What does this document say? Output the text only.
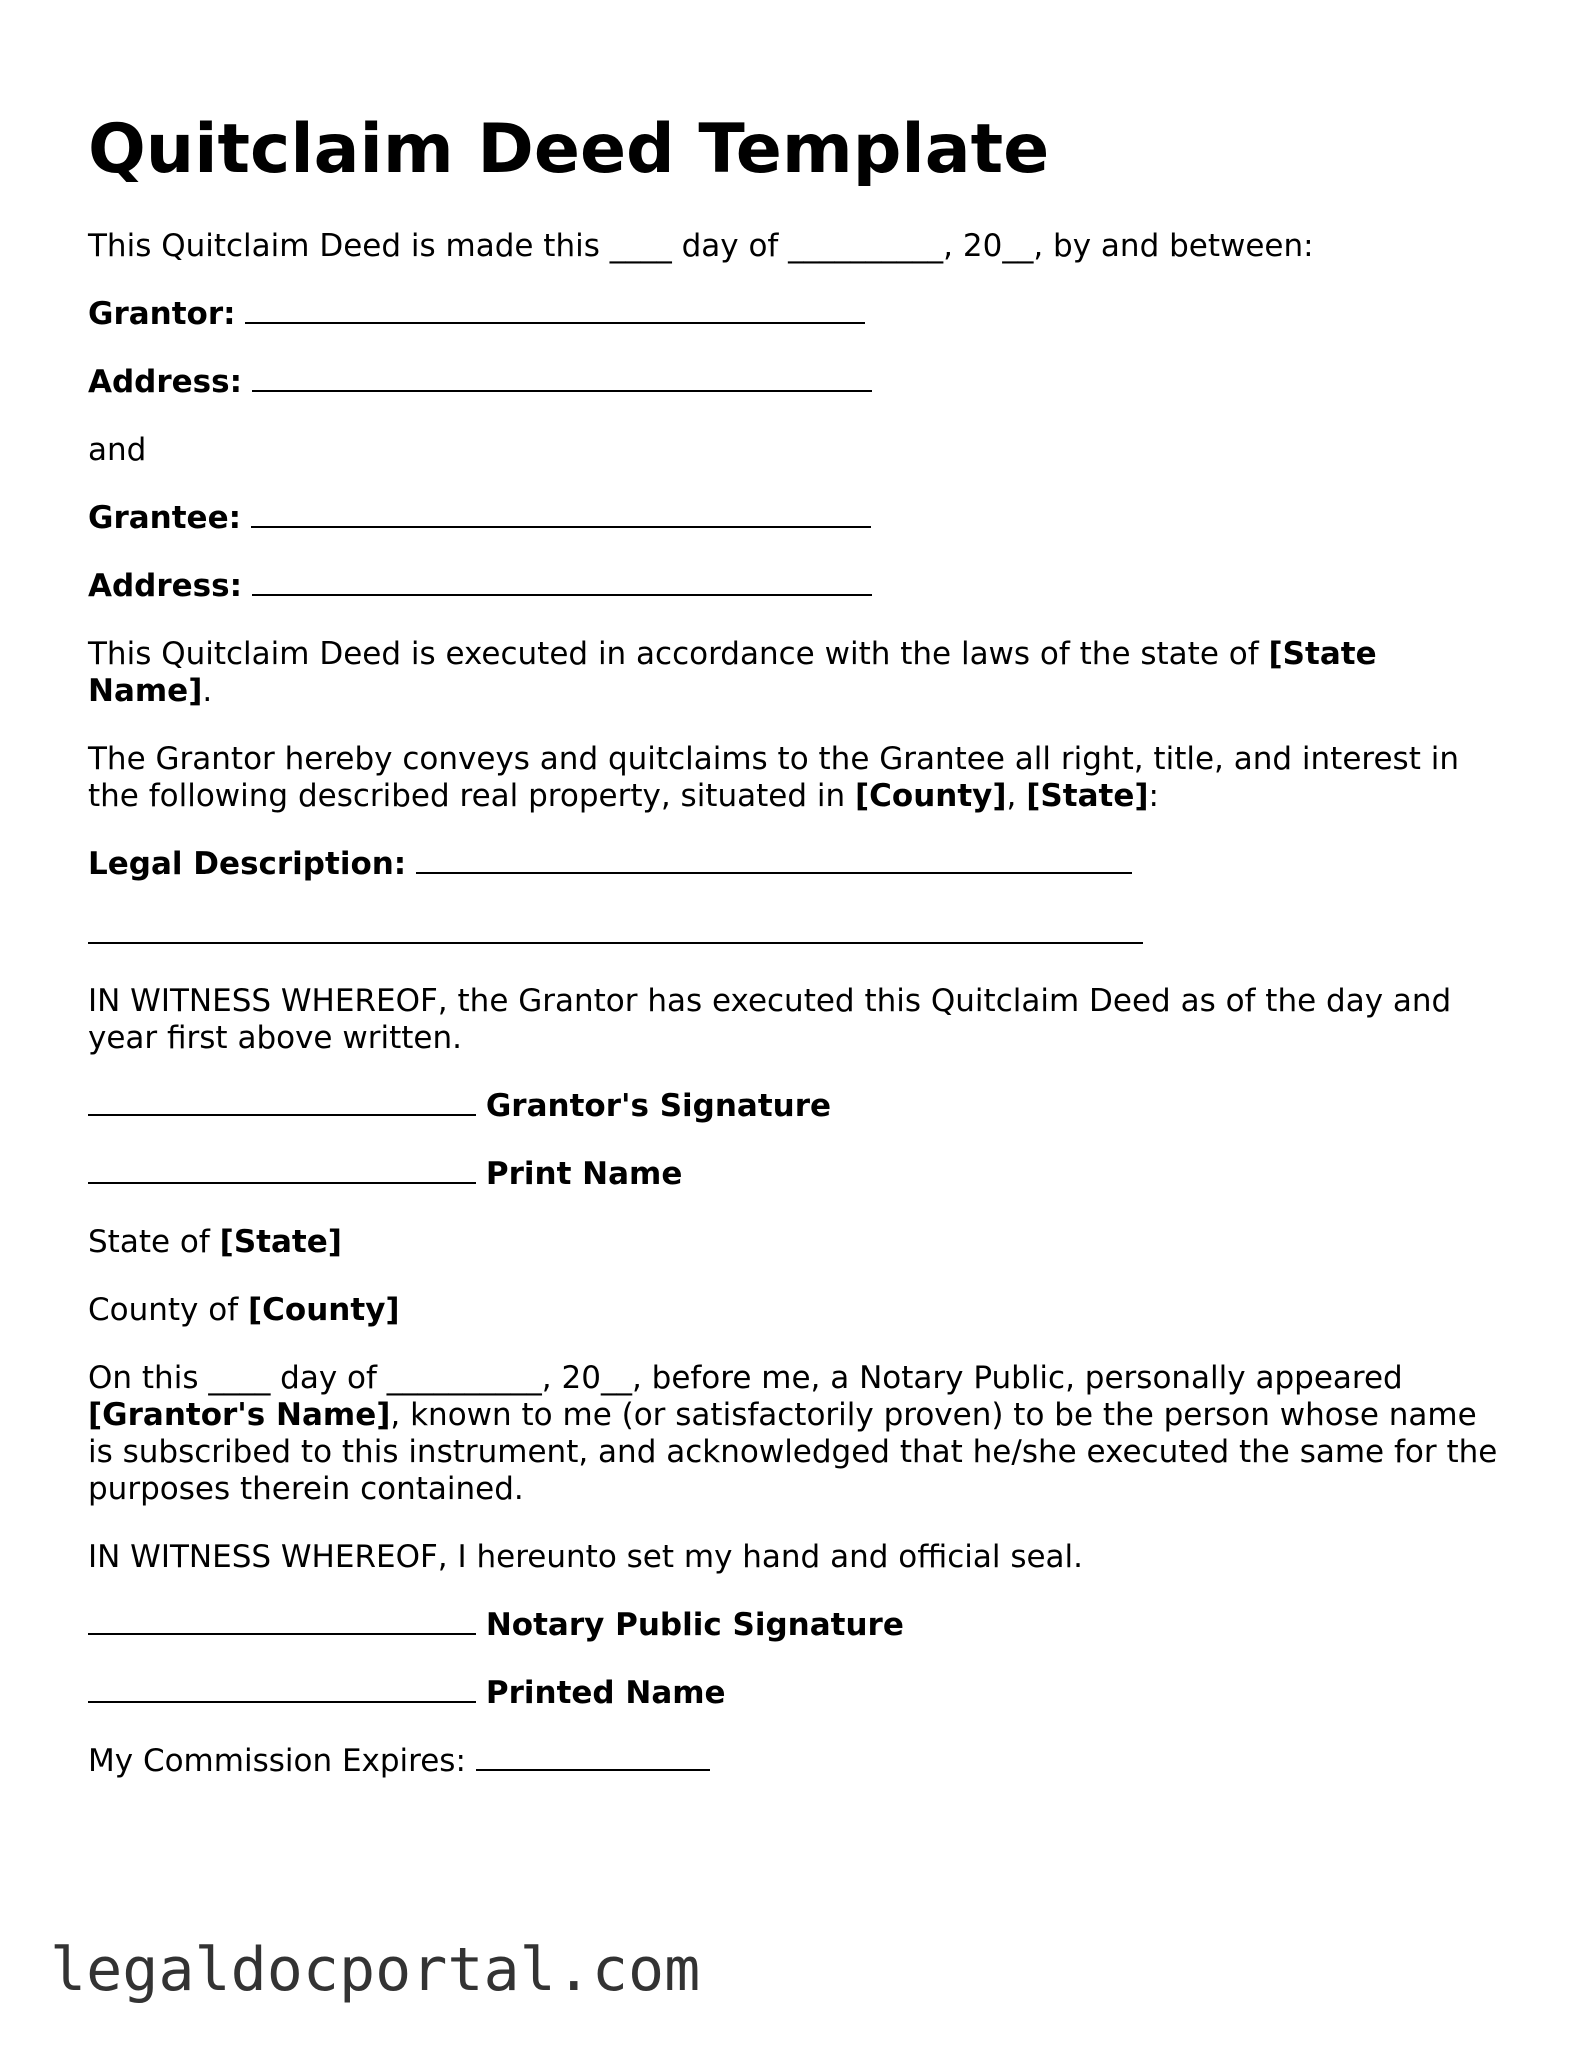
Quitclaim Deed Template

This Quitclaim Deed is made this ____ day of __________, 20__, by and between:

Grantor:

Address:

and

Grantee:

Address:

This Quitclaim Deed is executed in accordance with the laws of the state of [State

Name].

The Grantor hereby conveys and quitclaims to the Grantee all right, title, and interest in

the following described real property, situated in [County], [State]:

Legal Description:

IN WITNESS WHEREOF, the Grantor has executed this Quitclaim Deed as of the day and

year first above written.

Grantor's Signature

Print Name

State of [State]

County of [County]

On this ____ day of __________, 20__, before me, a Notary Public, personally appeared

[Grantor's Name], known to me (or satisfactorily proven) to be the person whose name

is subscribed to this instrument, and acknowledged that he/she executed the same for the

purposes therein contained.

IN WITNESS WHEREOF, I hereunto set my hand and official seal.

Notary Public Signature

Printed Name

My Commission Expires:

legaldocportal.com
